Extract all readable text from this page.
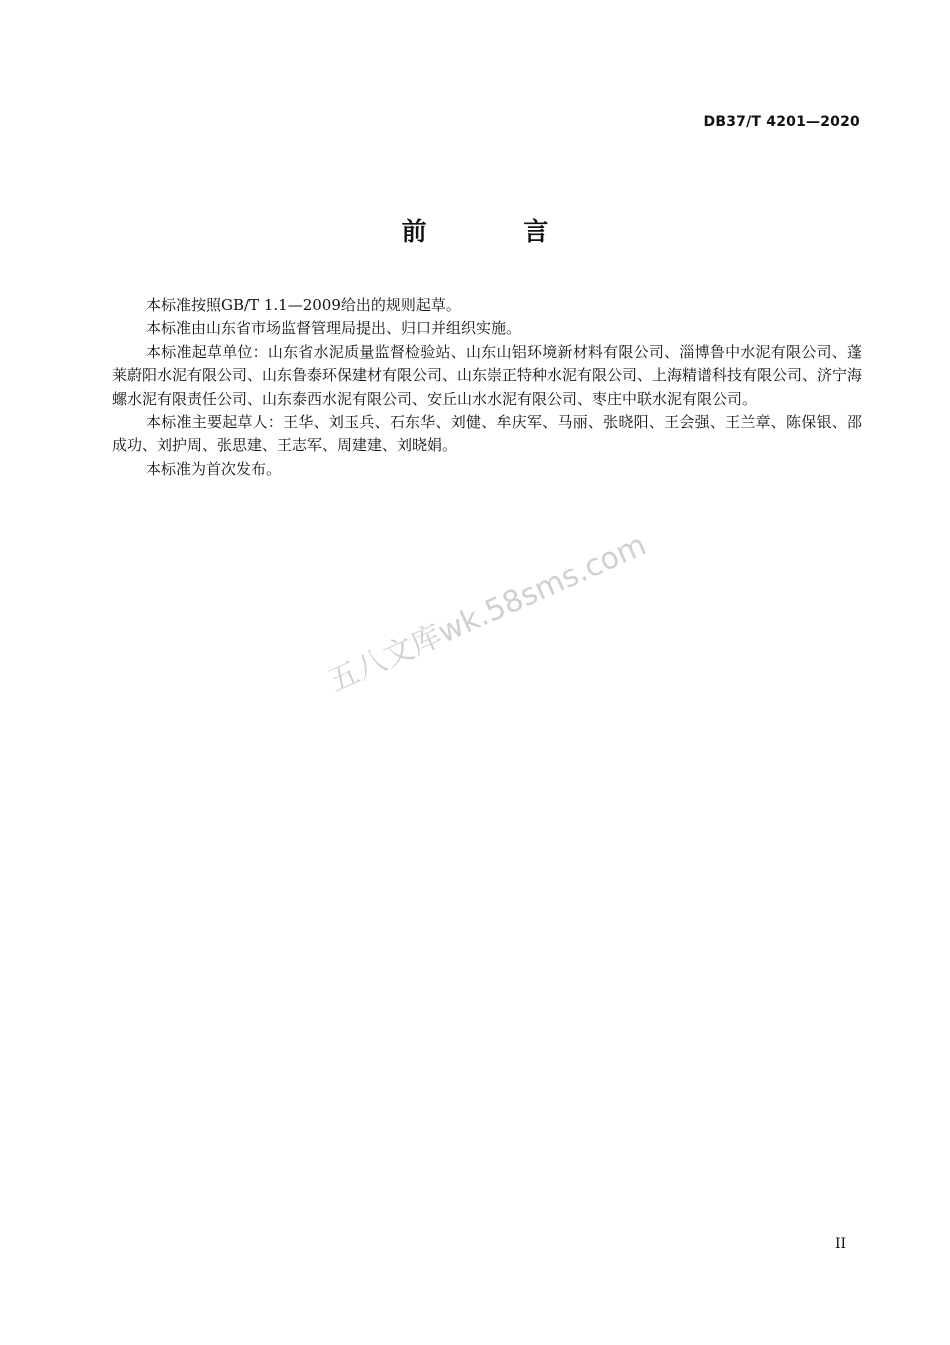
DB37/T 4201—2020
前 言

本标准按照GB/T 1.1—2009给出的规则起草。

本标准由山东省市场监督管理局提出、归口并组织实施。

本标准起草单位：山东省水泥质量监督检验站、山东山铝环境新材料有限公司、淄博鲁中水泥有限公司、蓬莱蔚阳水泥有限公司、山东鲁泰环保建材有限公司、山东崇正特种水泥有限公司、上海精谱科技有限公司、济宁海螺水泥有限责任公司、山东泰西水泥有限公司、安丘山水水泥有限公司、枣庄中联水泥有限公司。

本标准主要起草人：王华、刘玉兵、石东华、刘健、牟庆军、马丽、张晓阳、王会强、王兰章、陈保银、邵成功、刘护周、张思建、王志军、周建建、刘晓娟。

本标准为首次发布。

五八文库wk.58sms.com
II
